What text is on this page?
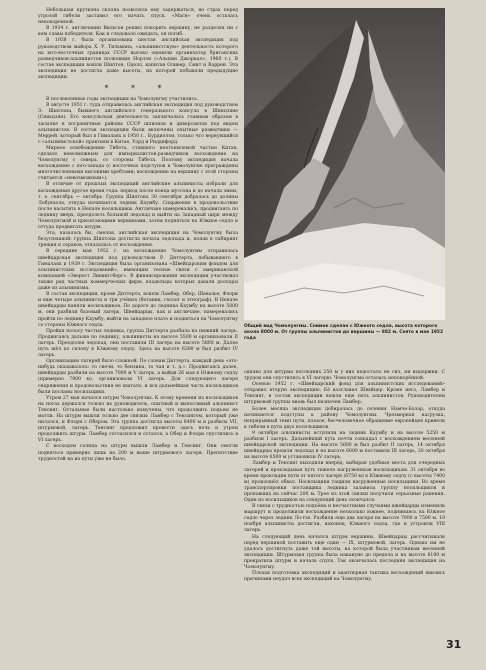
Небольшая крутизна склона позволяла ему задержаться, но страх перед угрозой гибели заставил его начать спуск. «Магн» очень осталась непокоренной.

В 1934 г. англичанин Вильсон решил покорить вершину, не разделяя ни с кем славы победителя. Как и следовало ожидать, он погиб.

В 1938 г. была организована шестая английская экспедиция под руководством майора Х. У. Тильмана, «альпинистскую» деятельность которого на юго-восточных границах СССР высоко оценили организатор британских разведчиков-альпинистов полковник Нортон («Альпин Джорнал», 1960 г.). В состав экспедиции вошли Шиптон, Оделл, капитан Оливер, Смит и Варрен. Эта экспедиция не достигла даже высоты, на которой побывали предыдущие экспедиции.

* * *

В послевоенные годы экспедиции на Чомолунгму участились.

В августе 1951 г. туда отправилась английская экспедиция под руководством Э. Шиптона, бывшего английского генерального консула в Шинцзяне (Синьцзян). Его консульская деятельность заключалась главным образом в засылке в пограничные районы СССР шпионов и диверсантов под видом альпинистов. В состав экспедиции были включены опытные разведчики — Меррей, который был в Гималаях в 1950 г., Бурдиллон, только что вернувшийся с «альпинистской» практики в Китае, Уорд и Риддифорд.

Мирное освобождение Тибета, ставшего неотъемлемой частью Китая, сделало невозможным для империалистов-разведчиков восхождение на Чомолунгму с севера, со стороны Тибета. Поэтому экспедиция начала восхождение с юго-запада (с восточных подступов к Чомолунгме преграждены многочисленными высокими хребтами; восхождение на вершину с этой стороны считается «невозможным»).

В отличие от прошлых экспедиций английские альпинисты избрали для восхождения другое время года: период после конца муссона и до начала зимы, т. е. сентябрь — октябрь. Группа Шиптона 30 сентября добралась до долины Лобукхола, откуда начинается ледник Кхумбу. Спаржение в продовольствие после насытить в Непале носильщики. Англичане намеревались, продвигаясь по леднику вверх, преодолеть большой ледопад и выйти на Западный цирк между Чомолунгмой и прилегающими вершинами, затем подняться на Южное седло и оттуда продвигать штурм.

Эта, казалось бы, смелая, английская экспедиция на Чомолунгму была безуспешной: группа Шиптона достигла начала ледопада и, попав в лабиринт трещин и сераков, отказалась от восхождения.

В середине мая 1952 г. на восхождение Чомолунгмы отправилась швейцарская экспедиция под руководством Р. Диттерта, побывавшего в Гималаях в 1939 г. Экспедиция была организована «Швейцарским фондом для альпинистских исследований», имеющим тесные связи с американской компанией «Эверест Ливингсберг». В финансировании экспедиции участвовал также ряд частных коммерческих фирм, владельцы которых давали доллары даже из альпинизма.

В состав экспедиции, кроме Диттерта, вошли Ламбер, Обер, Шевалье, Флори и еще четыре альпиниста и три учёных (ботаник, геолог и этнограф). В Непале швейцарцы наняли носильщиков. По дороге до ледника Кхумбу на высоте 5000 м, они разбили базовый лагерь. Швейцарцы, как и англичане, намеревались пройти по леднику Кхумбу, выйти на западное плато и подняться на Чомолунгму со стороны Южного седла.

Пройдя полосу частых ледника, группа Диттерта разбила на нижний лагерь. Продвигаясь дальше по леднику, альпинисты на высоте 5500 м организовали II лагерь. Преодолев ледопад, они поставили III лагерь на высоте 5800 м. Далее путь шёл по склону к Южному седлу. Здесь на высоте 6300 м был разбит IV лагерь.

Организацию лагерей было сложной. По словам Диттерта, каждый день «это-нибудь оказывалось: то свечи, то бензина, то чая и т. д.». Продвигаясь далее, швейцарцы разбили на высоте 7000 м V лагерь, а выйдя 26 мая к Южному седлу (примерно 7900 м), организовали VI лагерь. Для следующего лагеря снаряжения и продовольствия не хватало, и вся дальнейшая часть носильщиков были посланы носильщики.

Утром 27 мая начался штурм Чомолунгмы. К этому времени из носильщиков на ногах держался только их руководитель, опытный и выносливый альпинист Тенсинг. Остальные были настолько измучены, что продолжить подъем не могли. На штурм вышли только две связки: Ламбер с Тенсингом, который уже пытался, и Флори с Обером. Эта группа достигла высоты 8400 м и разбила VII, штурмовой, лагерь. Тенсинг предложил провести здесь ночь и утром продолжить штурм. Ламбер согласился и остался, а Обер и Флори спустились в VI лагерь.

С восходом солнца на штурм вышли Ламбер и Тенсинг. Они смогли подняться примерно лишь на 200 м выше штурмового лагеря. Препятствие трудностей на их пути уже не было,

Общий вид Чомолунгмы. Снимок сделан с Южного седла, высота которого около 8000 м. От группы альпинистов до вершины — 882 м. Снято в мае 1952 года

однако для штурма последних 250 м у них недостало не сил, ни выдержки. С трудом они спустились к VI лагерю. Чомолунгма осталась непокорённой.

Осенью 1952 г. «Швейцарский фонд для альпинистских исследований» отправил вторую экспедицию. Её возглавил Швайцер. Кроме него, Ламбер и Тенсинг, в состав экспедиции вошли еще пять альпинистов. Руководителем штурмовой группы вновь был назначен Ламбер.

Более месяца экспедиция добиралась до селения Намче-Базар, откуда начинаются подступы к району Чомолунгмы. Чрезмерная нагрузка, непрерывный темп пути, плохое, бесчеловечное обращение европейцев привели к гибели в пути двух носильщиков.

9 октября альпинисты вступили на ледник Кхумбу и на высоте 5250 м разбили I лагерь. Дальнейший путь почти совпадал с восхождением весенней швейцарской экспедиции. На высоте 5600 м был разбит II лагерь, 14 октября швейцарцы прошли ледопад и на высоте 6000 м поставили III лагерь, 20 октября на высоте 6500 м установили IV лагерь.

Ламбер и Тенсинг выходили вперёд, выбирая удобные места для очередных лагерей и прокладывая путь тяжело нагруженным носильщикам. 31 октября во время прокладки пути от пятого лагеря (6750 м) к Южному седлу (с высоты 7400 м) произошёл обвал. Носильщики тащили нагруженные носильщики. Во время транспортировки поставщика ледника залавила группу носильщиков и пропавших на сейчас 200 м. Трое из этой связки получили серьезные ранения. Один из носильщиков на следующий день скончался.

В связи с трудностью подъёма и несчастными случаями швейцарцы изменили маршрут и продолжили восхождение несколько южнее, поднимаясь на Южное седло через ледник Ло-тзе. Разбили еще два лагеря на высоте 7000 и 7500 м. 19 ноября альпинисты достигли, наконец, Южного седла, где и устроили VIII лагерь.

На следующий день начался штурм вершины. Швейцарцы рассчитывали перед вершиной поставить еще один — IX, штурмовой, лагерь. Однако им не удалось достигнуть даже той высоты, на которой была участникам весенней экспедиции. Штурмовая группа была накануне до предела и на высоте 8100 м прекратила штурм и начала спуск. Так окончилась последняя экспедиция на Чомолунгму.

Плохая подготовка экспедиций и авантюрная тактика восхождений явились причинами неудач всех экспедиций на Чомолунгму.

31
